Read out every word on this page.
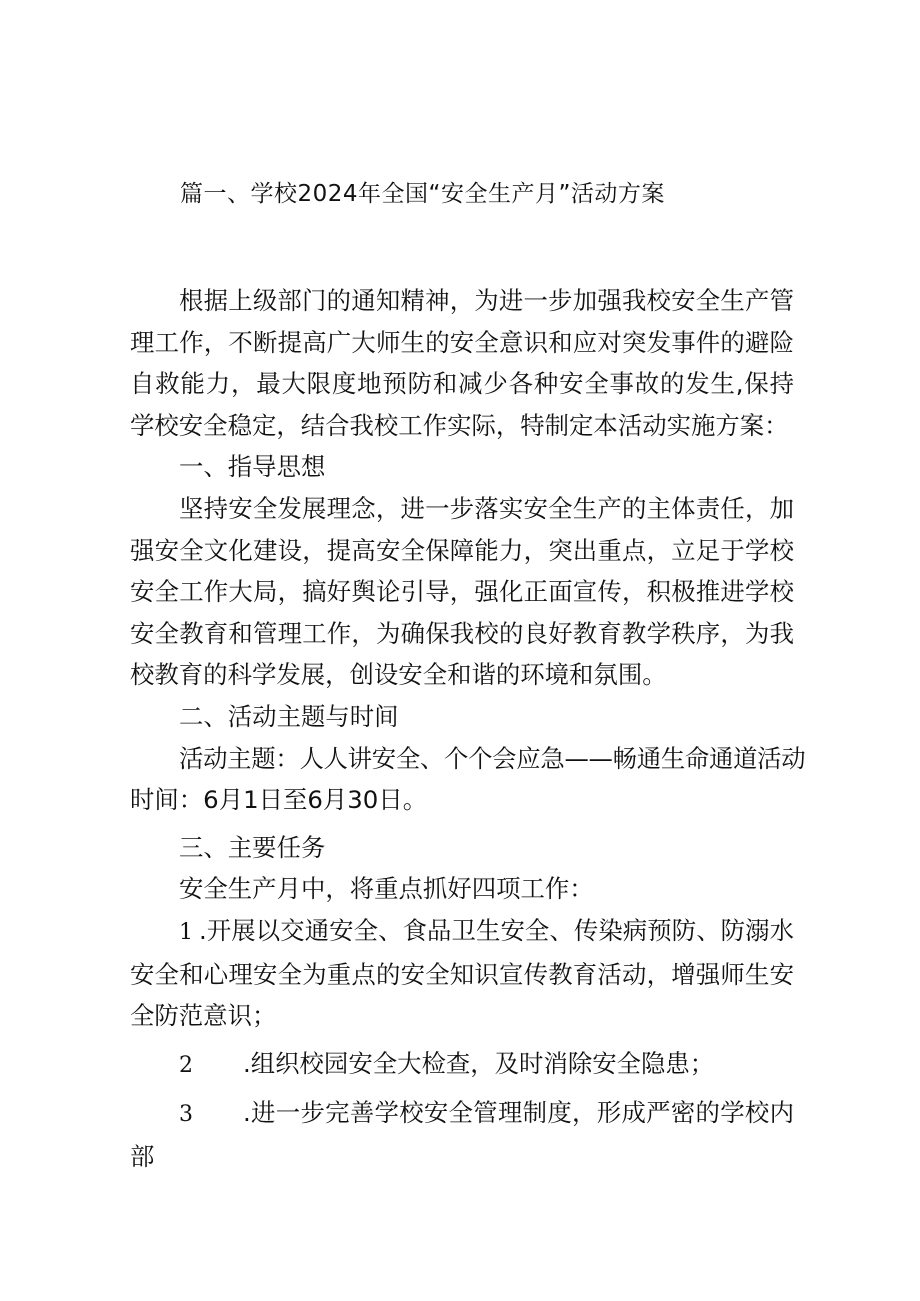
篇一、学校2024年全国“安全生产月”活动方案

根据上级部门的通知精神，为进一步加强我校安全生产管理工作，不断提高广大师生的安全意识和应对突发事件的避险自救能力，最大限度地预防和减少各种安全事故的发生,保持学校安全稳定，结合我校工作实际，特制定本活动实施方案：

一、指导思想

坚持安全发展理念，进一步落实安全生产的主体责任，加强安全文化建设，提高安全保障能力，突出重点，立足于学校安全工作大局，搞好舆论引导，强化正面宣传，积极推进学校安全教育和管理工作，为确保我校的良好教育教学秩序，为我校教育的科学发展，创设安全和谐的环境和氛围。

二、活动主题与时间

活动主题：人人讲安全、个个会应急——畅通生命通道活动

时间：6月1日至6月30日。

三、主要任务

安全生产月中，将重点抓好四项工作：

1 .开展以交通安全、食品卫生安全、传染病预防、防溺水安全和心理安全为重点的安全知识宣传教育活动，增强师生安全防范意识；

2 .组织校园安全大检查，及时消除安全隐患；

3 .进一步完善学校安全管理制度，形成严密的学校内部
